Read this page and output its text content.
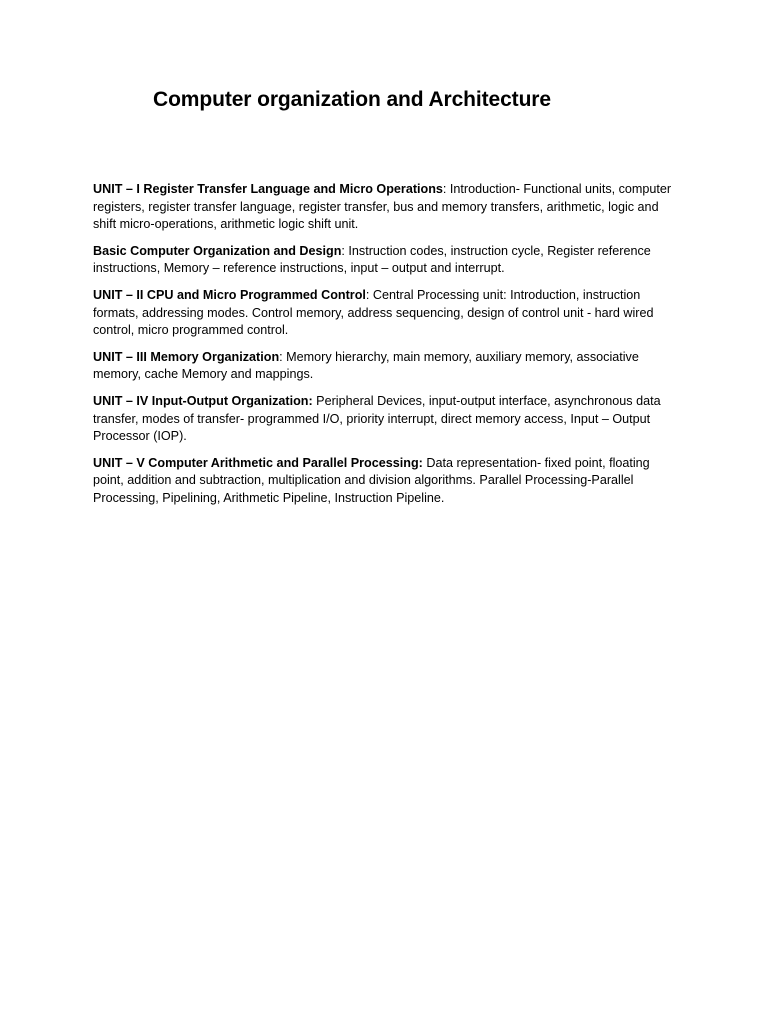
Computer organization and Architecture

UNIT – I Register Transfer Language and Micro Operations: Introduction- Functional units, computer registers, register transfer language, register transfer, bus and memory transfers, arithmetic, logic and shift micro-operations, arithmetic logic shift unit.

Basic Computer Organization and Design: Instruction codes, instruction cycle, Register reference instructions, Memory – reference instructions, input – output and interrupt.

UNIT – II CPU and Micro Programmed Control: Central Processing unit: Introduction, instruction formats, addressing modes. Control memory, address sequencing, design of control unit - hard wired control, micro programmed control.

UNIT – III Memory Organization: Memory hierarchy, main memory, auxiliary memory, associative memory, cache Memory and mappings.

UNIT – IV Input-Output Organization: Peripheral Devices, input-output interface, asynchronous data transfer, modes of transfer- programmed I/O, priority interrupt, direct memory access, Input – Output Processor (IOP).

UNIT – V Computer Arithmetic and Parallel Processing: Data representation- fixed point, floating point, addition and subtraction, multiplication and division algorithms. Parallel Processing-Parallel Processing, Pipelining, Arithmetic Pipeline, Instruction Pipeline.
